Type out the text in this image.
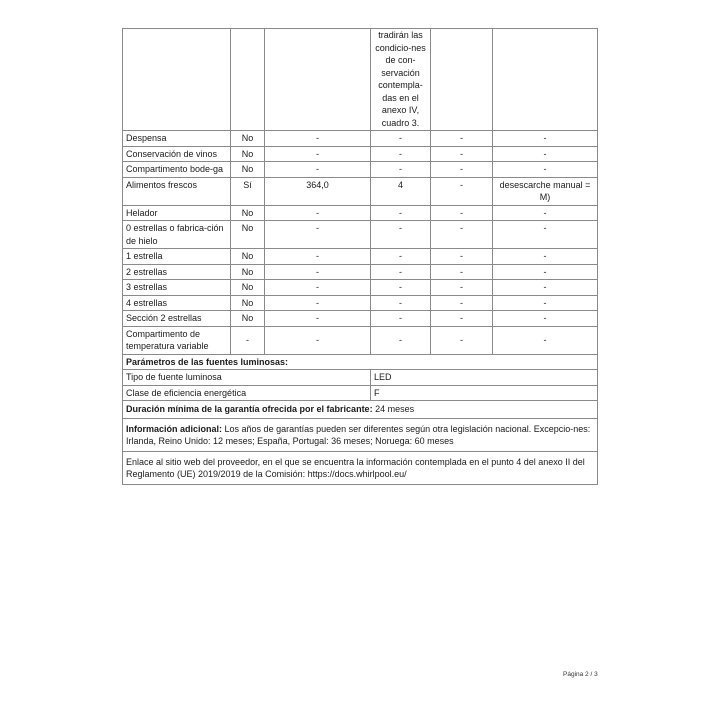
			tradirán las condicio-nes de con-servación contempla-das en el anexo IV, cuadro 3.		
Despensa	No	-	-	-	-
Conservación de vinos	No	-	-	-	-
Compartimento bode-ga	No	-	-	-	-
Alimentos frescos	Sí	364,0	4	-	desescarche manual = M)
Helador	No	-	-	-	-
0 estrellas o fabrica-ción de hielo	No	-	-	-	-
1 estrella	No	-	-	-	-
2 estrellas	No	-	-	-	-
3 estrellas	No	-	-	-	-
4 estrellas	No	-	-	-	-
Sección 2 estrellas	No	-	-	-	-
Compartimento de temperatura variable	-	-	-	-	-
Parámetros de las fuentes luminosas:					
Tipo de fuente luminosa			LED		
Clase de eficiencia energética			F		
Duración mínima de la garantía ofrecida por el fabricante: 24 meses					
Información adicional: Los años de garantías pueden ser diferentes según otra legislación nacional. Excepcio-nes: Irlanda, Reino Unido: 12 meses; España, Portugal: 36 meses; Noruega: 60 meses					
Enlace al sitio web del proveedor, en el que se encuentra la información contemplada en el punto 4 del anexo II del Reglamento (UE) 2019/2019 de la Comisión: https://docs.whirlpool.eu/					
Página 2 / 3
